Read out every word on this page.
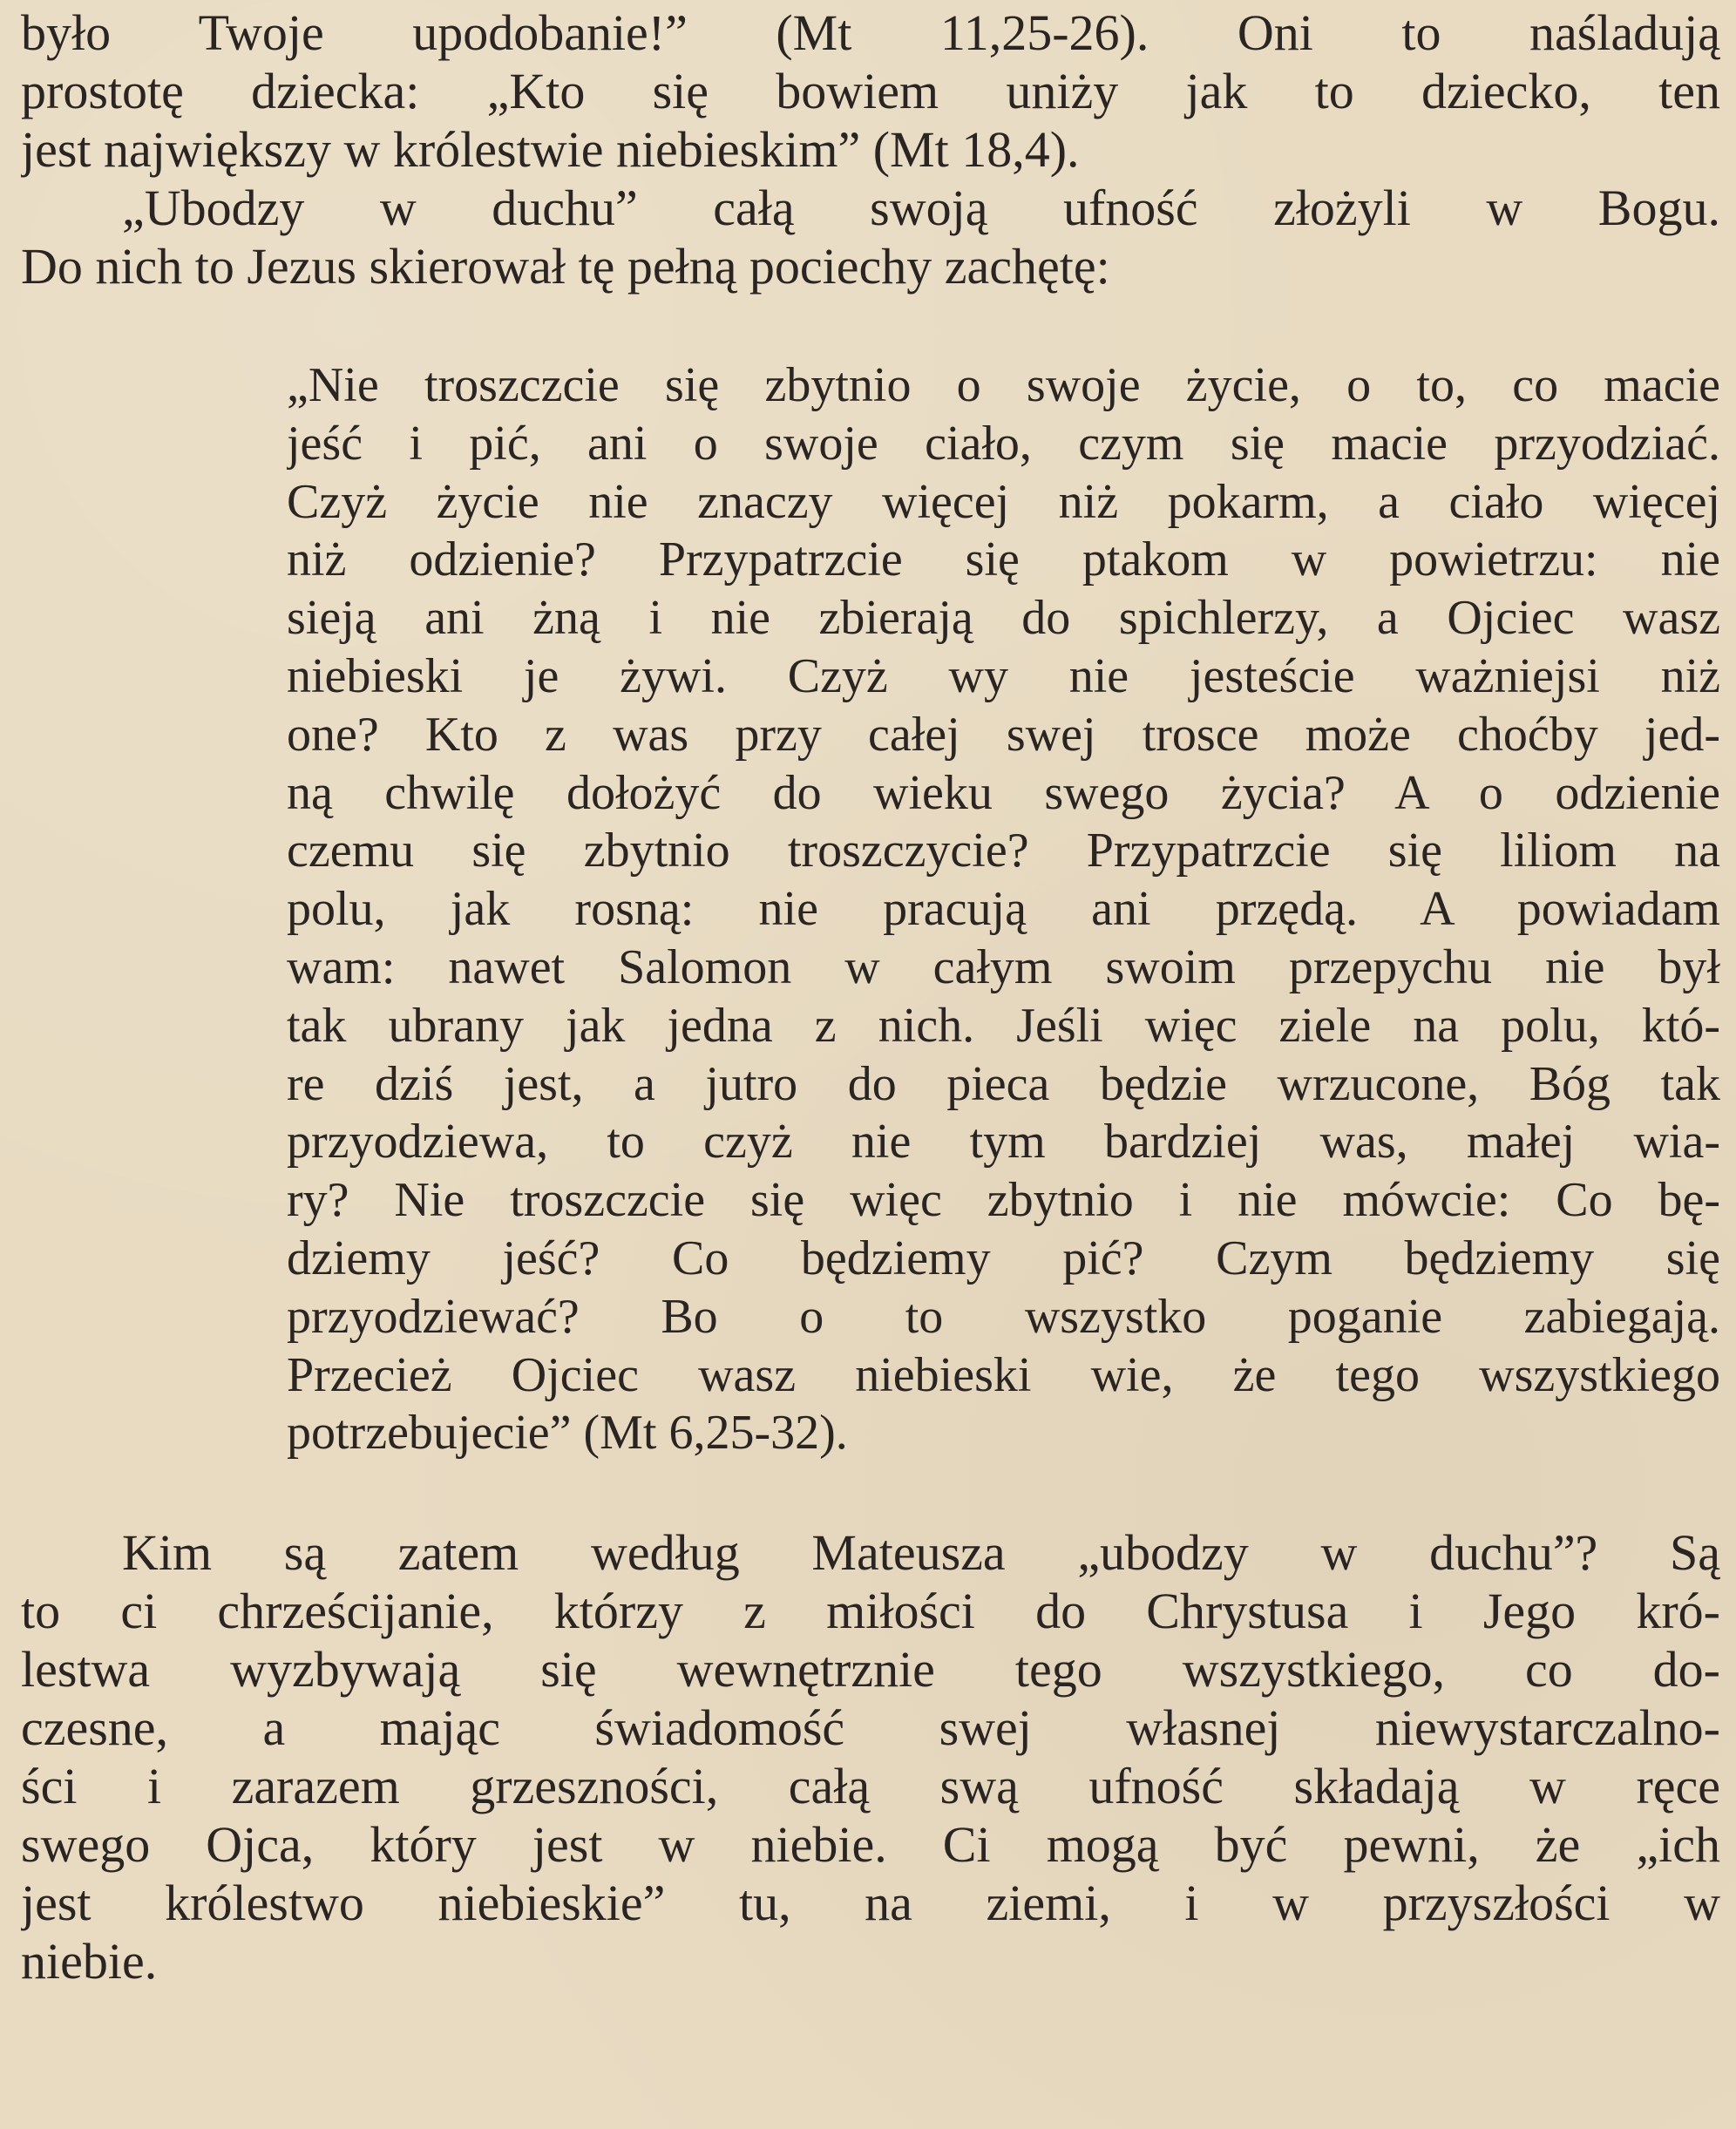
było Twoje upodobanie!” (Mt 11,25-26). Oni to naśladują
prostotę dziecka: „Kto się bowiem uniży jak to dziecko, ten
jest największy w królestwie niebieskim” (Mt 18,4).
„Ubodzy w duchu” całą swoją ufność złożyli w Bogu.
Do nich to Jezus skierował tę pełną pociechy zachętę:
„Nie troszczcie się zbytnio o swoje życie, o to, co macie
jeść i pić, ani o swoje ciało, czym się macie przyodziać.
Czyż życie nie znaczy więcej niż pokarm, a ciało więcej
niż odzienie? Przypatrzcie się ptakom w powietrzu: nie
sieją ani żną i nie zbierają do spichlerzy, a Ojciec wasz
niebieski je żywi. Czyż wy nie jesteście ważniejsi niż
one? Kto z was przy całej swej trosce może choćby jed-
ną chwilę dołożyć do wieku swego życia? A o odzienie
czemu się zbytnio troszczycie? Przypatrzcie się liliom na
polu, jak rosną: nie pracują ani przędą. A powiadam
wam: nawet Salomon w całym swoim przepychu nie był
tak ubrany jak jedna z nich. Jeśli więc ziele na polu, któ-
re dziś jest, a jutro do pieca będzie wrzucone, Bóg tak
przyodziewa, to czyż nie tym bardziej was, małej wia-
ry? Nie troszczcie się więc zbytnio i nie mówcie: Co bę-
dziemy jeść? Co będziemy pić? Czym będziemy się
przyodziewać? Bo o to wszystko poganie zabiegają.
Przecież Ojciec wasz niebieski wie, że tego wszystkiego
potrzebujecie” (Mt 6,25-32).
Kim są zatem według Mateusza „ubodzy w duchu”? Są
to ci chrześcijanie, którzy z miłości do Chrystusa i Jego kró-
lestwa wyzbywają się wewnętrznie tego wszystkiego, co do-
czesne, a mając świadomość swej własnej niewystarczalno-
ści i zarazem grzeszności, całą swą ufność składają w ręce
swego Ojca, który jest w niebie. Ci mogą być pewni, że „ich
jest królestwo niebieskie” tu, na ziemi, i w przyszłości w
niebie.
